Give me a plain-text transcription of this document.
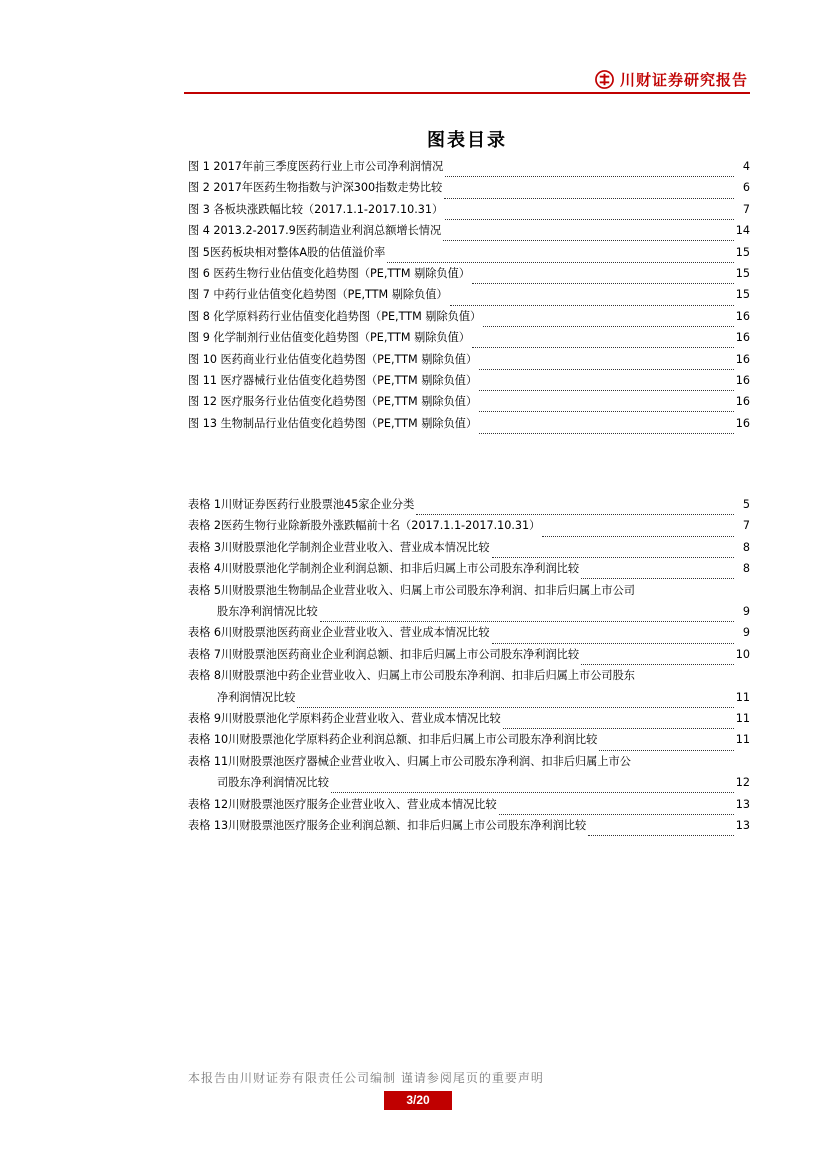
川财证券研究报告
图表目录
图 1 2017年前三季度医药行业上市公司净利润情况	4
图 2 2017年医药生物指数与沪深300指数走势比较	6
图 3 各板块涨跌幅比较（2017.1.1-2017.10.31）	7
图 4 2013.2-2017.9医药制造业利润总额增长情况	14
图 5医药板块相对整体A股的估值溢价率	15
图 6 医药生物行业估值变化趋势图（PE,TTM 剔除负值）	15
图 7 中药行业估值变化趋势图（PE,TTM 剔除负值）	15
图 8 化学原料药行业估值变化趋势图（PE,TTM 剔除负值）	16
图 9 化学制剂行业估值变化趋势图（PE,TTM 剔除负值）	16
图 10 医药商业行业估值变化趋势图（PE,TTM 剔除负值）	16
图 11 医疗器械行业估值变化趋势图（PE,TTM 剔除负值）	16
图 12 医疗服务行业估值变化趋势图（PE,TTM 剔除负值）	16
图 13 生物制品行业估值变化趋势图（PE,TTM 剔除负值）	16
表格 1川财证券医药行业股票池45家企业分类	5
表格 2医药生物行业除新股外涨跌幅前十名（2017.1.1-2017.10.31）	7
表格 3川财股票池化学制剂企业营业收入、营业成本情况比较	8
表格 4川财股票池化学制剂企业利润总额、扣非后归属上市公司股东净利润比较	8
表格 5川财股票池生物制品企业营业收入、归属上市公司股东净利润、扣非后归属上市公司
股东净利润情况比较	9
表格 6川财股票池医药商业企业营业收入、营业成本情况比较	9
表格 7川财股票池医药商业企业利润总额、扣非后归属上市公司股东净利润比较	10
表格 8川财股票池中药企业营业收入、归属上市公司股东净利润、扣非后归属上市公司股东
净利润情况比较	11
表格 9川财股票池化学原料药企业营业收入、营业成本情况比较	11
表格 10川财股票池化学原料药企业利润总额、扣非后归属上市公司股东净利润比较	11
表格 11川财股票池医疗器械企业营业收入、归属上市公司股东净利润、扣非后归属上市公
司股东净利润情况比较	12
表格 12川财股票池医疗服务企业营业收入、营业成本情况比较	13
表格 13川财股票池医疗服务企业利润总额、扣非后归属上市公司股东净利润比较	13
本报告由川财证券有限责任公司编制 谨请参阅尾页的重要声明
3/20
